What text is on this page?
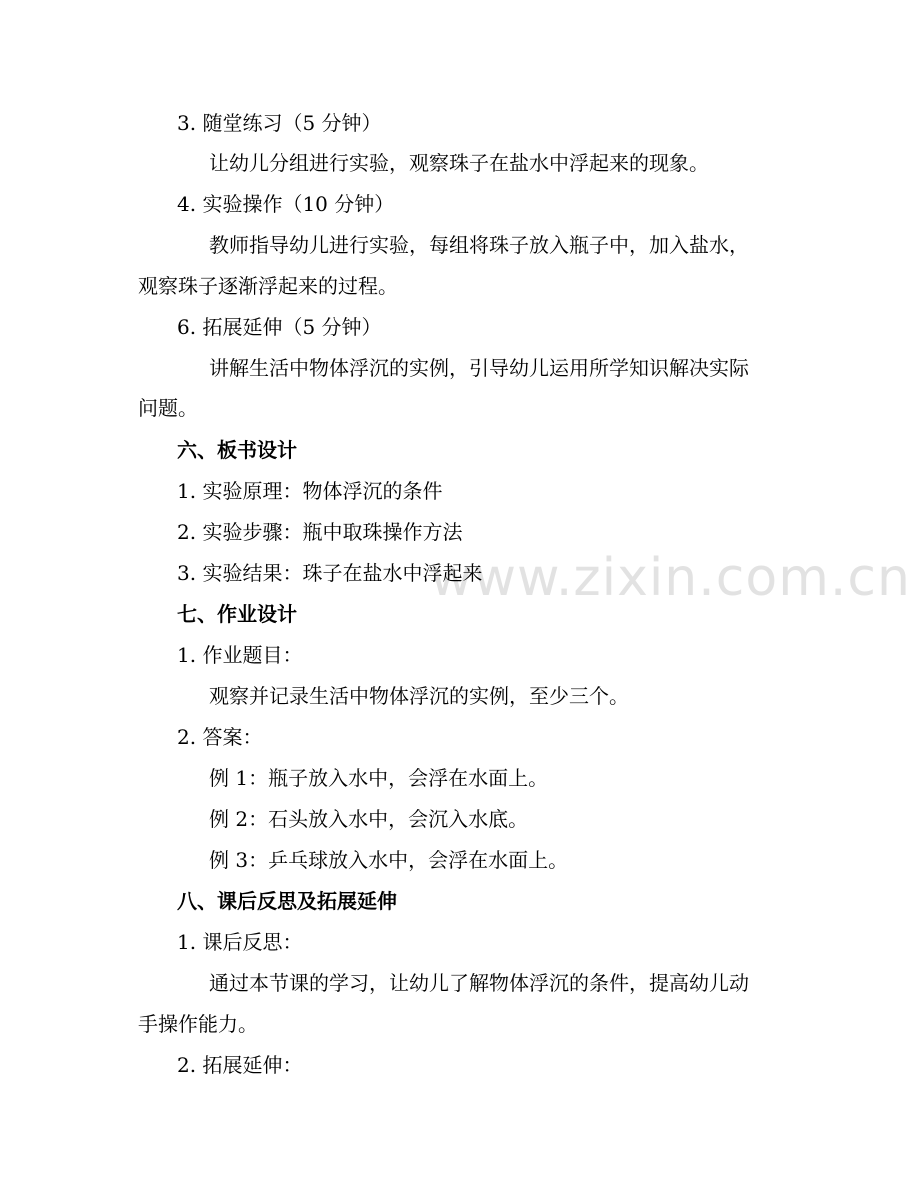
www.zixin.com.cn
3. 随堂练习（5 分钟）
让幼儿分组进行实验，观察珠子在盐水中浮起来的现象。
4. 实验操作（10 分钟）
教师指导幼儿进行实验，每组将珠子放入瓶子中，加入盐水，
观察珠子逐渐浮起来的过程。
6. 拓展延伸（5 分钟）
讲解生活中物体浮沉的实例，引导幼儿运用所学知识解决实际
问题。
六、板书设计
1. 实验原理：物体浮沉的条件
2. 实验步骤：瓶中取珠操作方法
3. 实验结果：珠子在盐水中浮起来
七、作业设计
1. 作业题目：
观察并记录生活中物体浮沉的实例，至少三个。
2. 答案：
例 1：瓶子放入水中，会浮在水面上。
例 2：石头放入水中，会沉入水底。
例 3：乒乓球放入水中，会浮在水面上。
八、课后反思及拓展延伸
1. 课后反思：
通过本节课的学习，让幼儿了解物体浮沉的条件，提高幼儿动
手操作能力。
2. 拓展延伸：
